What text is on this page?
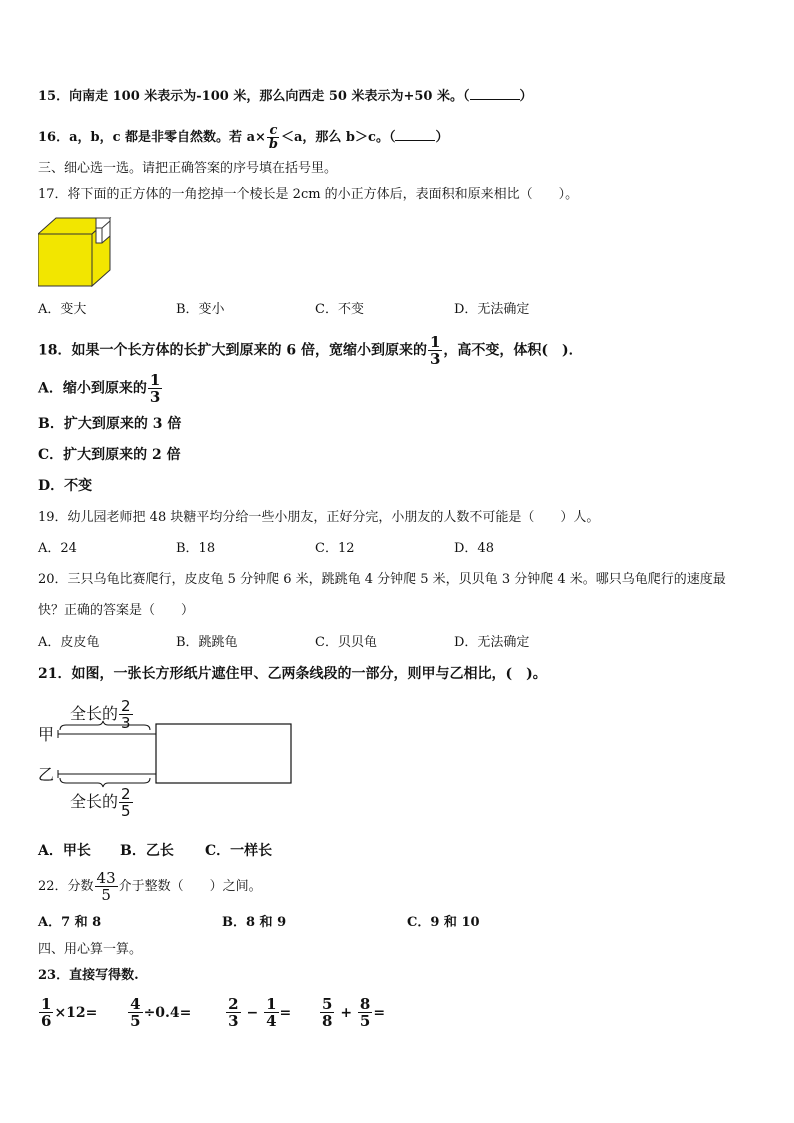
15．向南走 100 米表示为-100 米，那么向西走 50 米表示为+50 米。（	）
16．a，b，c 都是非零自然数。若 $a\times \frac{c}{b} <a$，那么 b＞c。（	）
三、细心选一选。请把正确答案的序号填在括号里。
17．将下面的正方体的一角挖掉一个棱长是 2cm 的小正方体后，表面积和原来相比（　　）。
A．变大	B．变小	C．不变	D．无法确定
18．如果一个长方体的长扩大到原来的 6 倍，宽缩小到原来的 $\frac{1}{3}$ ，高不变，体积(　)．
A．缩小到原来的 $\frac{1}{3}$
B．扩大到原来的 3 倍
C．扩大到原来的 2 倍
D．不变
19．幼儿园老师把 48 块糖平均分给一些小朋友，正好分完，小朋友的人数不可能是（　　）人。
A．24	B．18	C．12	D．48
20．三只乌龟比赛爬行，皮皮龟 5 分钟爬 6 米，跳跳龟 4 分钟爬 5 米，贝贝龟 3 分钟爬 4 米。哪只乌龟爬行的速度最
快？正确的答案是（　　）
A．皮皮龟	B．跳跳龟	C．贝贝龟	D．无法确定
21．如图，一张长方形纸片遮住甲、乙两条线段的一部分，则甲与乙相比，(　)。
全长的 $\frac{2}{3}$
甲
乙
全长的 $\frac{2}{5}$
A．甲长 B．乙长 C．一样长
22．分数 $\frac{43}{5}$ 介于整数（　　）之间。
A．7 和 8	B．8 和 9	C．9 和 10
四、用心算一算。
23．直接写得数.
$\frac{1}{6} \times 12= \frac{4}{5} \div 0.4= \frac{2}{3} - \frac{1}{4} = \frac{5}{8} + \frac{8}{5}$ =
